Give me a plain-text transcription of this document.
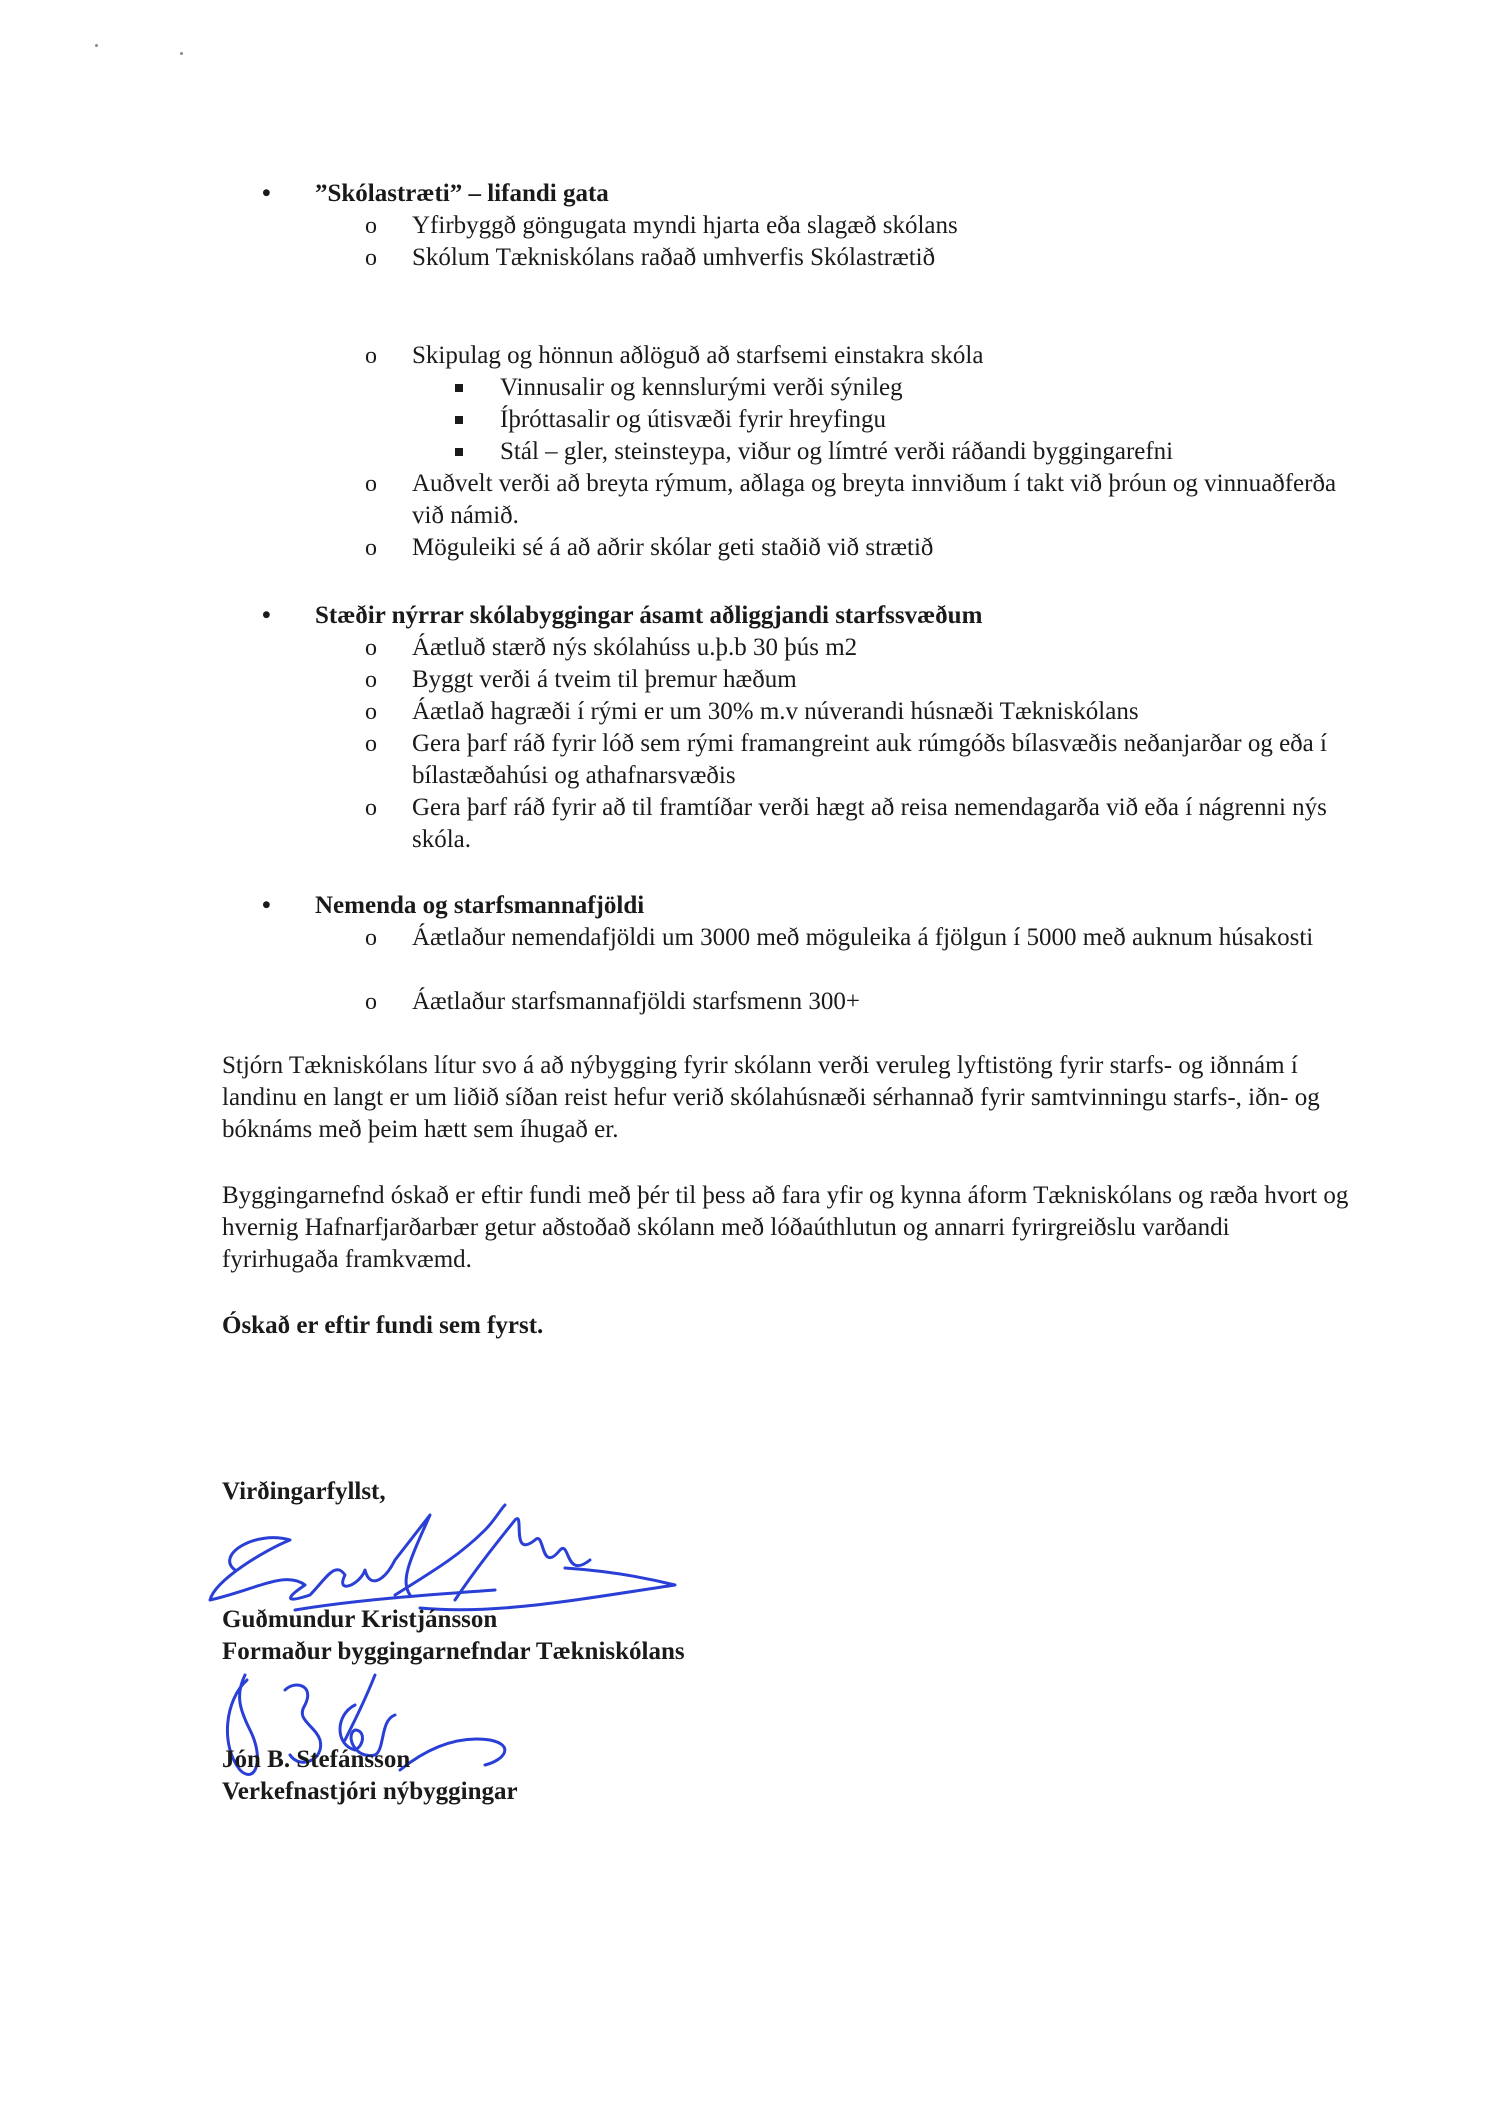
• ”Skólastræti” – lifandi gata
o Yfirbyggð göngugata myndi hjarta eða slagæð skólans
o Skólum Tækniskólans raðað umhverfis Skólastrætið
o Skipulag og hönnun aðlöguð að starfsemi einstakra skóla
Vinnusalir og kennslurými verði sýnileg
Íþróttasalir og útisvæði fyrir hreyfingu
Stál – gler, steinsteypa, viður og límtré verði ráðandi byggingarefni
o Auðvelt verði að breyta rýmum, aðlaga og breyta innviðum í takt við þróun og vinnuaðferða við námið.
o Möguleiki sé á að aðrir skólar geti staðið við strætið
• Stæðir nýrrar skólabyggingar ásamt aðliggjandi starfssvæðum
o Áætluð stærð nýs skólahúss u.þ.b 30 þús m2
o Byggt verði á tveim til þremur hæðum
o Áætlað hagræði í rými er um 30% m.v núverandi húsnæði Tækniskólans
o Gera þarf ráð fyrir lóð sem rými framangreint auk rúmgóðs bílasvæðis neðanjarðar og eða í bílastæðahúsi og athafnarsvæðis
o Gera þarf ráð fyrir að til framtíðar verði hægt að reisa nemendagarða við eða í nágrenni nýs skóla.
• Nemenda og starfsmannafjöldi
o Áætlaður nemendafjöldi um 3000 með möguleika á fjölgun í 5000 með auknum húsakosti
o Áætlaður starfsmannafjöldi starfsmenn 300+
Stjórn Tækniskólans lítur svo á að nýbygging fyrir skólann verði veruleg lyftistöng fyrir starfs- og iðnnám í landinu en langt er um liðið síðan reist hefur verið skólahúsnæði sérhannað fyrir samtvinningu starfs-, iðn- og bóknáms með þeim hætt sem íhugað er.
Byggingarnefnd óskað er eftir fundi með þér til þess að fara yfir og kynna áform Tækniskólans og ræða hvort og hvernig Hafnarfjarðarbær getur aðstoðað skólann með lóðaúthlutun og annarri fyrirgreiðslu varðandi fyrirhugaða framkvæmd.
Óskað er eftir fundi sem fyrst.
Virðingarfyllst,
Guðmundur Kristjánsson
Formaður byggingarnefndar Tækniskólans
Jón B. Stefánsson
Verkefnastjóri nýbyggingar
